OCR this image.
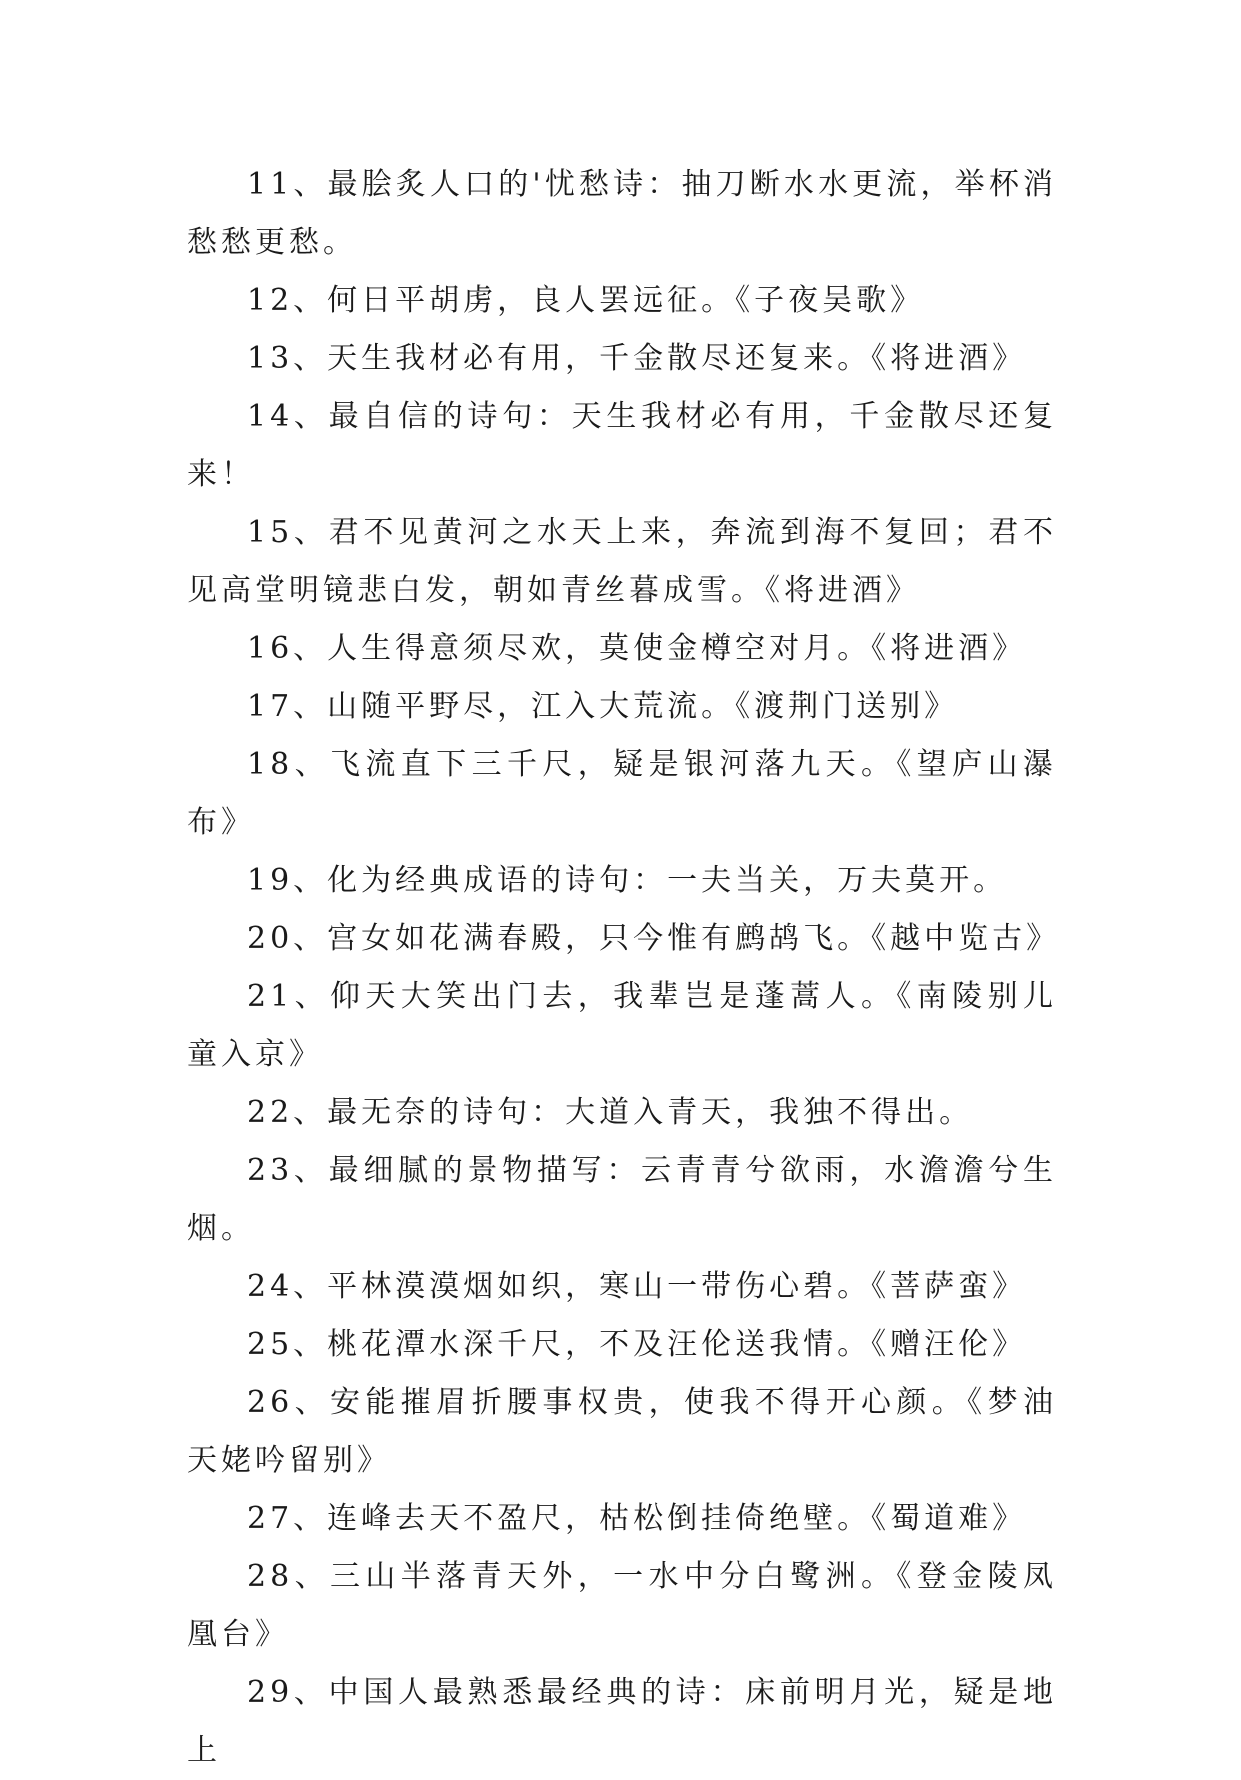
11、最脍炙人口的'忧愁诗：抽刀断水水更流，举杯消愁愁更愁。

12、何日平胡虏，良人罢远征。《子夜吴歌》

13、天生我材必有用，千金散尽还复来。《将进酒》

14、最自信的诗句：天生我材必有用，千金散尽还复来！

15、君不见黄河之水天上来，奔流到海不复回；君不见高堂明镜悲白发，朝如青丝暮成雪。《将进酒》

16、人生得意须尽欢，莫使金樽空对月。《将进酒》

17、山随平野尽，江入大荒流。《渡荆门送别》

18、飞流直下三千尺，疑是银河落九天。《望庐山瀑布》

19、化为经典成语的诗句：一夫当关，万夫莫开。

20、宫女如花满春殿，只今惟有鹧鸪飞。《越中览古》

21、仰天大笑出门去，我辈岂是蓬蒿人。《南陵别儿童入京》

22、最无奈的诗句：大道入青天，我独不得出。

23、最细腻的景物描写：云青青兮欲雨，水澹澹兮生烟。

24、平林漠漠烟如织，寒山一带伤心碧。《菩萨蛮》

25、桃花潭水深千尺，不及汪伦送我情。《赠汪伦》

26、安能摧眉折腰事权贵，使我不得开心颜。《梦油天姥吟留别》

27、连峰去天不盈尺，枯松倒挂倚绝壁。《蜀道难》

28、三山半落青天外，一水中分白鹭洲。《登金陵凤凰台》

29、中国人最熟悉最经典的诗：床前明月光，疑是地上
